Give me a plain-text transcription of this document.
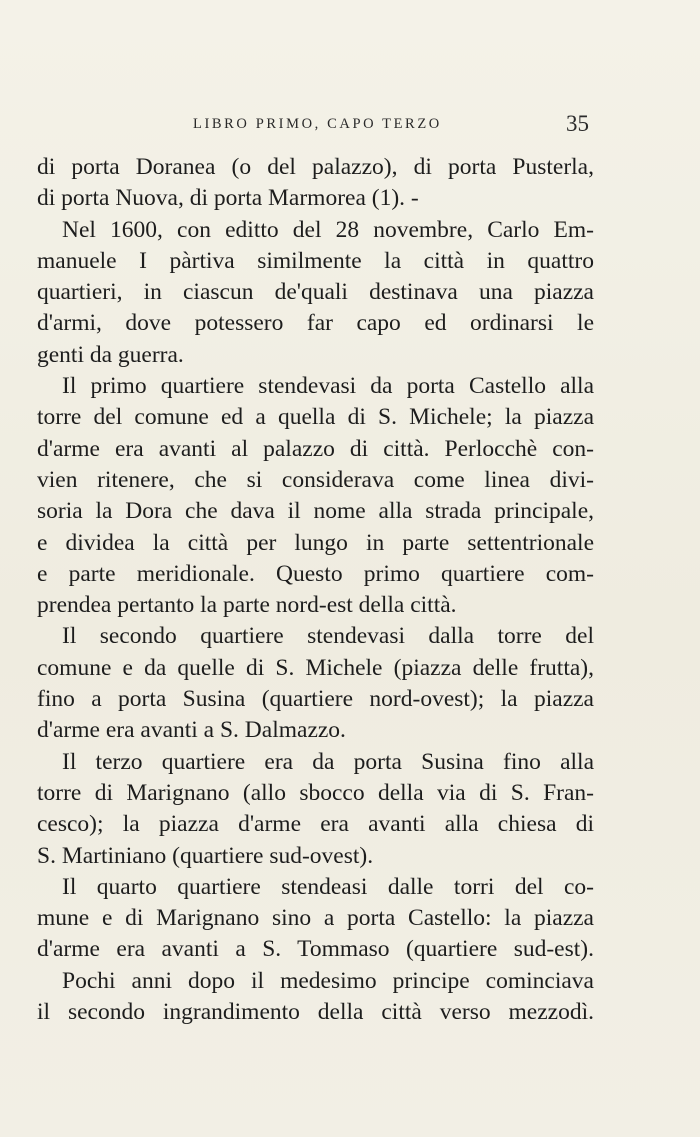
LIBRO PRIMO, CAPO TERZO	35
di porta Doranea (o del palazzo), di porta Pusterla,
di porta Nuova, di porta Marmorea (1). -
Nel 1600, con editto del 28 novembre, Carlo Em-
manuele I pàrtiva similmente la città in quattro
quartieri, in ciascun de'quali destinava una piazza
d'armi, dove potessero far capo ed ordinarsi le
genti da guerra.
Il primo quartiere stendevasi da porta Castello alla
torre del comune ed a quella di S. Michele; la piazza
d'arme era avanti al palazzo di città. Perlocchè con-
vien ritenere, che si considerava come linea divi-
soria la Dora che dava il nome alla strada principale,
e dividea la città per lungo in parte settentrionale
e parte meridionale. Questo primo quartiere com-
prendea pertanto la parte nord-est della città.
Il secondo quartiere stendevasi dalla torre del
comune e da quelle di S. Michele (piazza delle frutta),
fino a porta Susina (quartiere nord-ovest); la piazza
d'arme era avanti a S. Dalmazzo.
Il terzo quartiere era da porta Susina fino alla
torre di Marignano (allo sbocco della via di S. Fran-
cesco); la piazza d'arme era avanti alla chiesa di
S. Martiniano (quartiere sud-ovest).
Il quarto quartiere stendeasi dalle torri del co-
mune e di Marignano sino a porta Castello: la piazza
d'arme era avanti a S. Tommaso (quartiere sud-est).
Pochi anni dopo il medesimo principe cominciava
il secondo ingrandimento della città verso mezzodì.
